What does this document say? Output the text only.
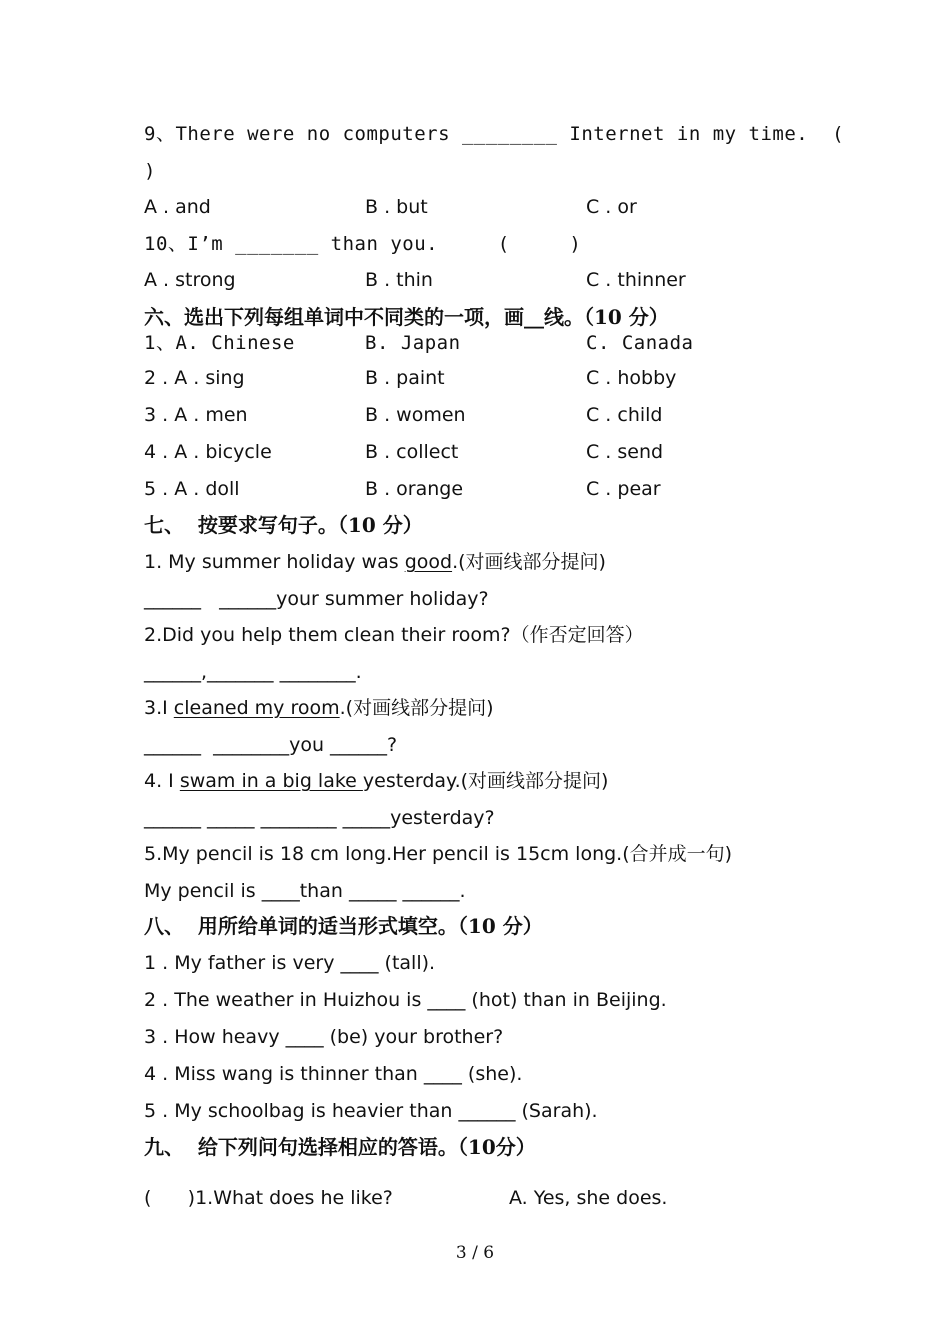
9、There were no computers ________ Internet in my time.  (
)
A . and	B . but	C . or
10、I’m _______ than you.     (     )
A . strong	B . thin	C . thinner
六、选出下列每组单词中不同类的一项，画__线。（10 分）
1、A. Chinese	B. Japan	C. Canada
2 . A . sing	B . paint	C . hobby
3 . A . men	B . women	C . child
4 . A . bicycle	B . collect	C . send
5 . A . doll	B . orange	C . pear
七、  按要求写句子。（10 分）
1. My summer holiday was good.(对画线部分提问)
______   ______your summer holiday?
2.Did you help them clean their room?（作否定回答）
______,_______ ________.
3.I cleaned my room.(对画线部分提问)
______  ________you ______?
4. I swam in a big lake yesterday.(对画线部分提问)
______ _____ ________ _____yesterday?
5.My pencil is 18 cm long.Her pencil is 15cm long.(合并成一句)
My pencil is ____than _____ ______.
八、  用所给单词的适当形式填空。（10 分）
1 . My father is very ____ (tall).
2 . The weather in Huizhou is ____ (hot) than in Beijing.
3 . How heavy ____ (be) your brother?
4 . Miss wang is thinner than ____ (she).
5 . My schoolbag is heavier than ______ (Sarah).
九、  给下列问句选择相应的答语。（10分）
(      )1.What does he like?	A. Yes, she does.
3 / 6
